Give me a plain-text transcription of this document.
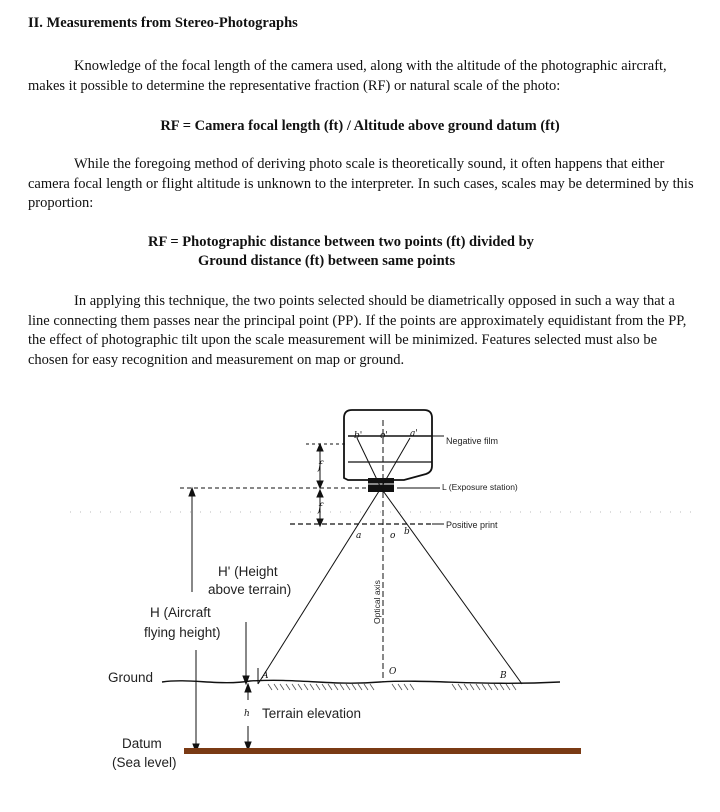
II. Measurements from Stereo-Photographs
Knowledge of the focal length of the camera used, along with the altitude of the photographic aircraft, makes it possible to determine the representative fraction (RF) or natural scale of the photo:
RF = Camera focal length (ft) / Altitude above ground datum (ft)
While the foregoing method of deriving photo scale is theoretically sound, it often happens that either camera focal length or flight altitude is unknown to the interpreter. In such cases, scales may be determined by this proportion:
RF = Photographic distance between two points (ft) divided by
Ground distance (ft) between same points
In applying this technique, the two points selected should be diametrically opposed in such a way that a line connecting them passes near the principal point (PP). If the points are approximately equidistant from the PP, the effect of photographic tilt upon the scale measurement will be minimized. Features selected must also be chosen for easy recognition and measurement on map or ground.
Negative film
f
f
L (Exposure station)
Positive print
b' o' a'
a	o b
Optical axis
H' (Height
above terrain)
H (Aircraft
flying height)
Ground	A	O	B
h Terrain elevation
Datum
(Sea level)
